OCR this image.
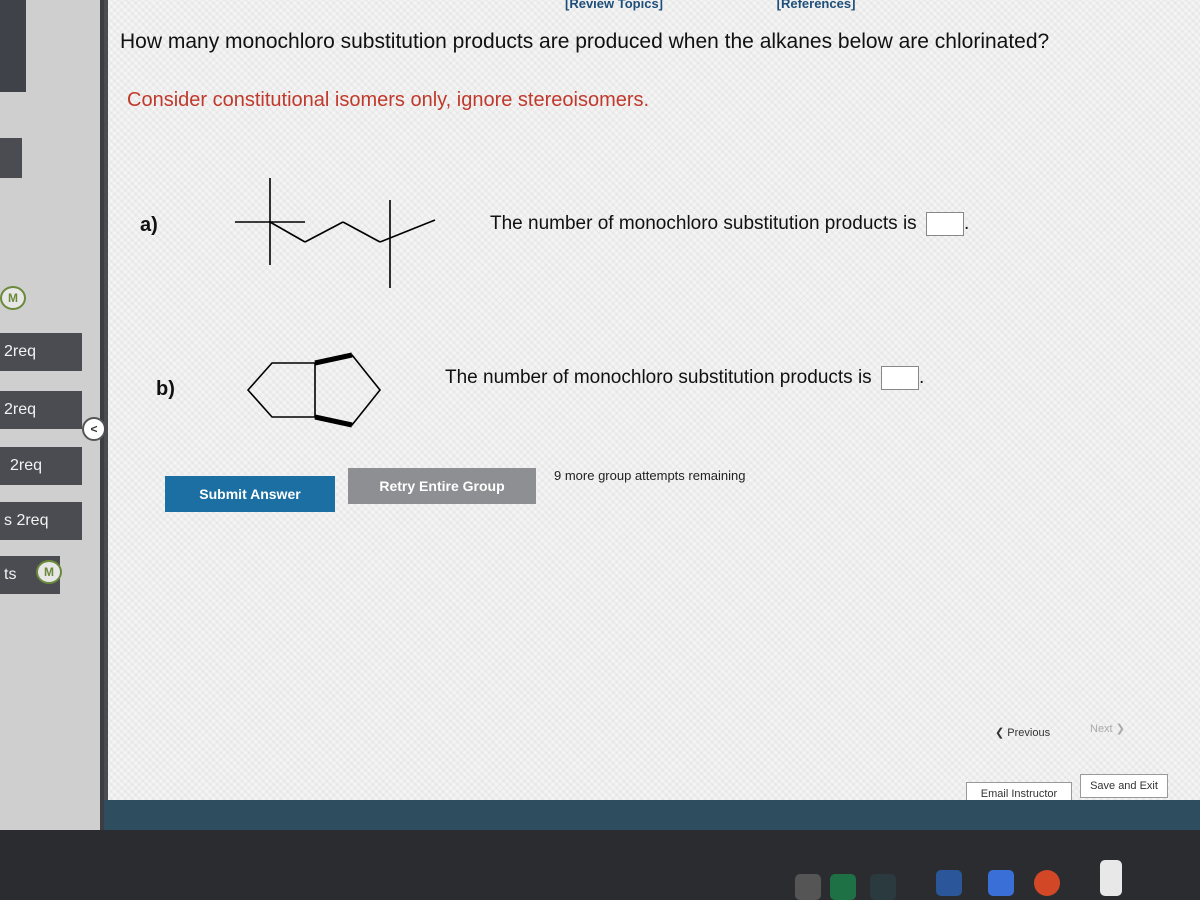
M
2req
2req
2req
s 2req
ts M
<
[Review Topics]	[References]
How many monochloro substitution products are produced when the alkanes below are chlorinated?
Consider constitutional isomers only, ignore stereoisomers.
a)	The number of monochloro substitution products is .
b)
The number of monochloro substitution products is .
Submit Answer	Retry Entire Group
9 more group attempts remaining
❮ Previous	Next ❯
Email Instructor
Save and Exit
